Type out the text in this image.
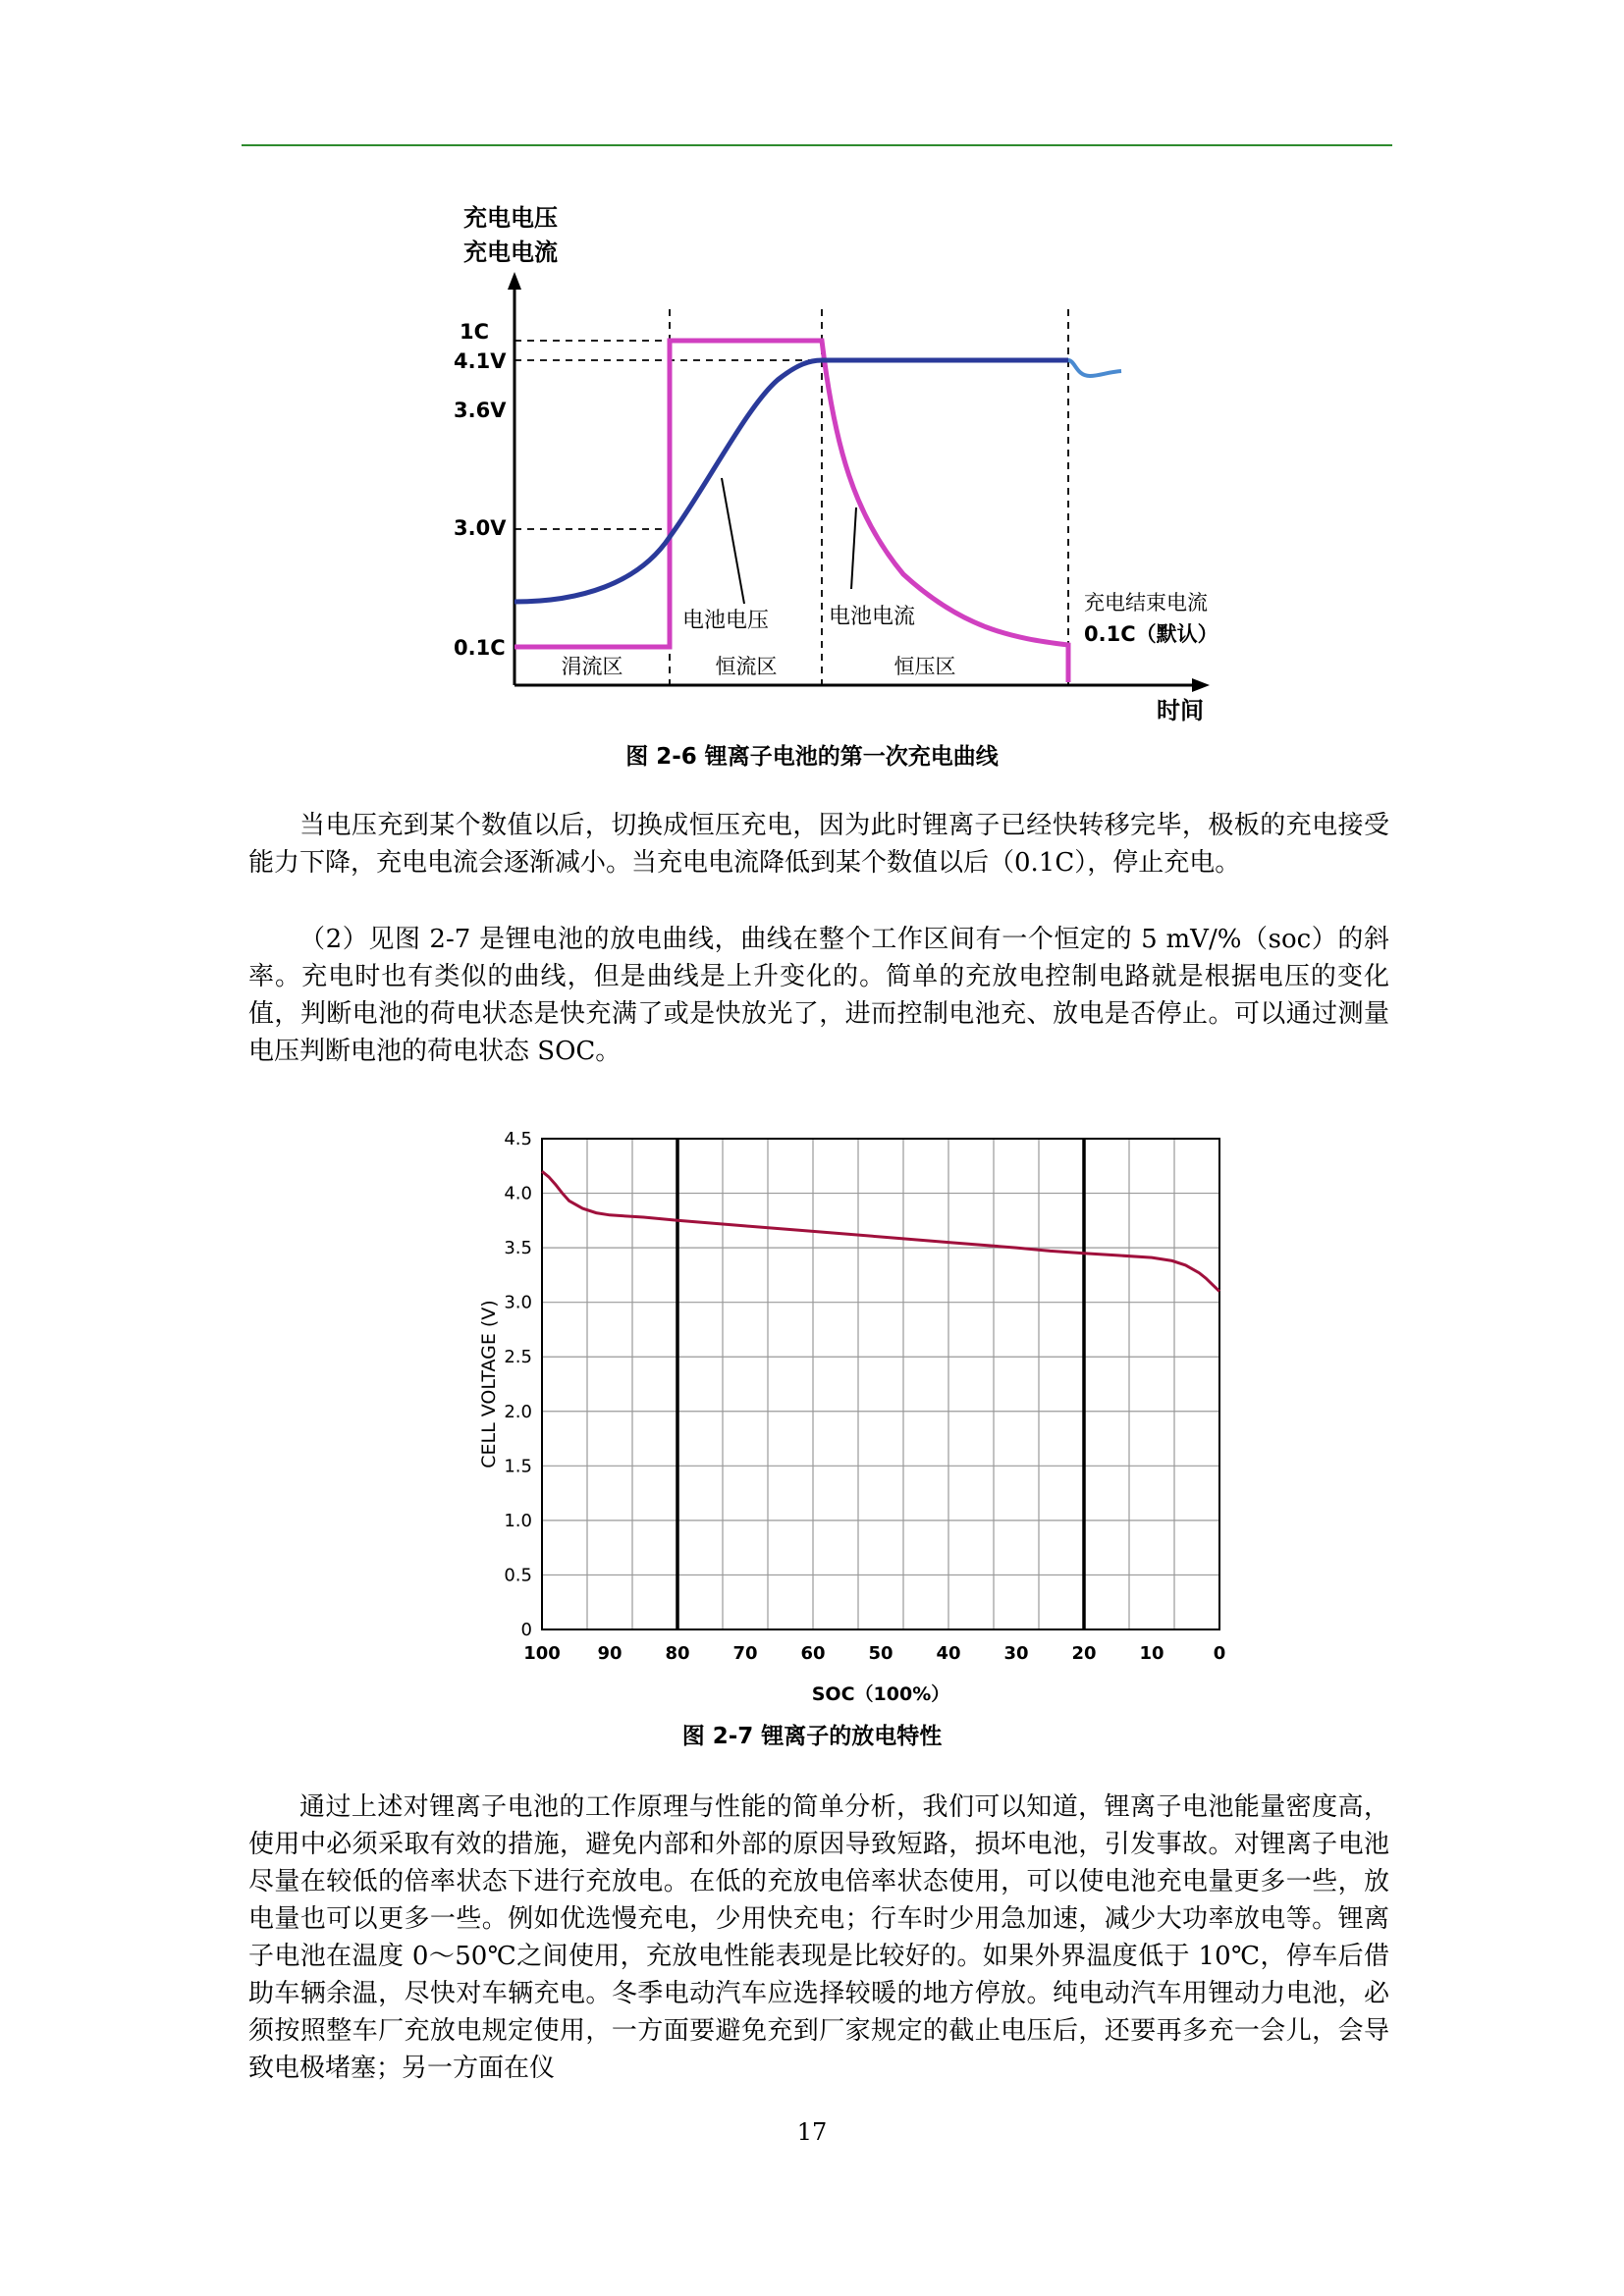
充电电压
充电电流
1C
4.1V
3.6V
3.0V
0.1C
电池电压	电池电流
充电结束电流
0.1C（默认）
涓流区	恒流区	恒压区
时间
图 2-6 锂离子电池的第一次充电曲线

当电压充到某个数值以后，切换成恒压充电，因为此时锂离子已经快转移完毕，极板的充电接受能力下降，充电电流会逐渐减小。当充电电流降低到某个数值以后（0.1C），停止充电。

（2）见图 2-7 是锂电池的放电曲线，曲线在整个工作区间有一个恒定的 5 mV/%（soc）的斜率。充电时也有类似的曲线，但是曲线是上升变化的。简单的充放电控制电路就是根据电压的变化值，判断电池的荷电状态是快充满了或是快放光了，进而控制电池充、放电是否停止。可以通过测量电压判断电池的荷电状态 SOC。

100 90 80 70 60 50 40 30 20 10	0
0
0.5
1.0
1.5
2.0
2.5
3.0
3.5
4.0
4.5
SOC（100%）
CELL VOLTAGE (V)
图 2-7 锂离子的放电特性

通过上述对锂离子电池的工作原理与性能的简单分析，我们可以知道，锂离子电池能量密度高，使用中必须采取有效的措施，避免内部和外部的原因导致短路，损坏电池，引发事故。对锂离子电池尽量在较低的倍率状态下进行充放电。在低的充放电倍率状态使用，可以使电池充电量更多一些，放电量也可以更多一些。例如优选慢充电，少用快充电；行车时少用急加速，减少大功率放电等。锂离子电池在温度 0～50℃之间使用，充放电性能表现是比较好的。如果外界温度低于 10℃，停车后借助车辆余温，尽快对车辆充电。冬季电动汽车应选择较暖的地方停放。纯电动汽车用锂动力电池，必须按照整车厂充放电规定使用，一方面要避免充到厂家规定的截止电压后，还要再多充一会儿，会导致电极堵塞；另一方面在仪

17
